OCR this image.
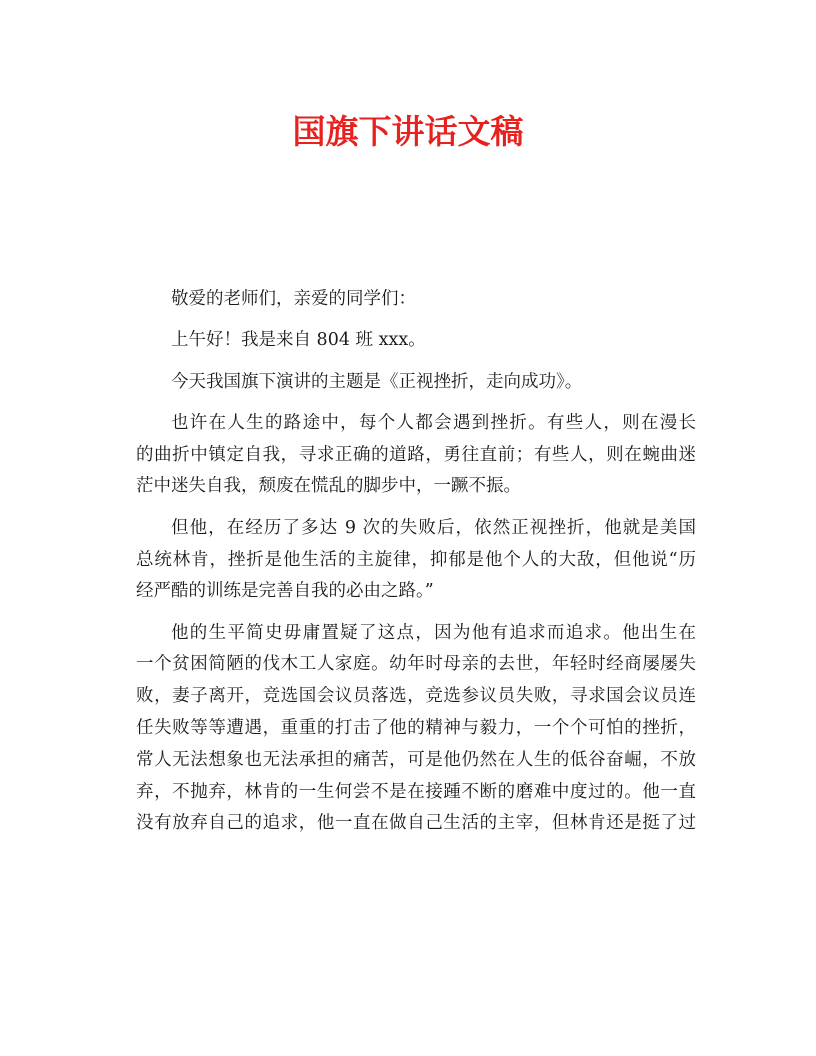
国旗下讲话文稿

敬爱的老师们，亲爱的同学们：

上午好！我是来自 804 班 xxx。

今天我国旗下演讲的主题是《正视挫折，走向成功》。

也许在人生的路途中，每个人都会遇到挫折。有些人，则在漫长
的曲折中镇定自我，寻求正确的道路，勇往直前；有些人，则在蜿曲迷
茫中迷失自我，颓废在慌乱的脚步中，一蹶不振。

但他，在经历了多达 9 次的失败后，依然正视挫折，他就是美国
总统林肯，挫折是他生活的主旋律，抑郁是他个人的大敌，但他说“历
经严酷的训练是完善自我的必由之路。”

他的生平简史毋庸置疑了这点，因为他有追求而追求。他出生在
一个贫困简陋的伐木工人家庭。幼年时母亲的去世，年轻时经商屡屡失
败，妻子离开，竞选国会议员落选，竞选参议员失败，寻求国会议员连
任失败等等遭遇，重重的打击了他的精神与毅力，一个个可怕的挫折，
常人无法想象也无法承担的痛苦，可是他仍然在人生的低谷奋崛，不放
弃，不抛弃，林肯的一生何尝不是在接踵不断的磨难中度过的。他一直
没有放弃自己的追求，他一直在做自己生活的主宰，但林肯还是挺了过
